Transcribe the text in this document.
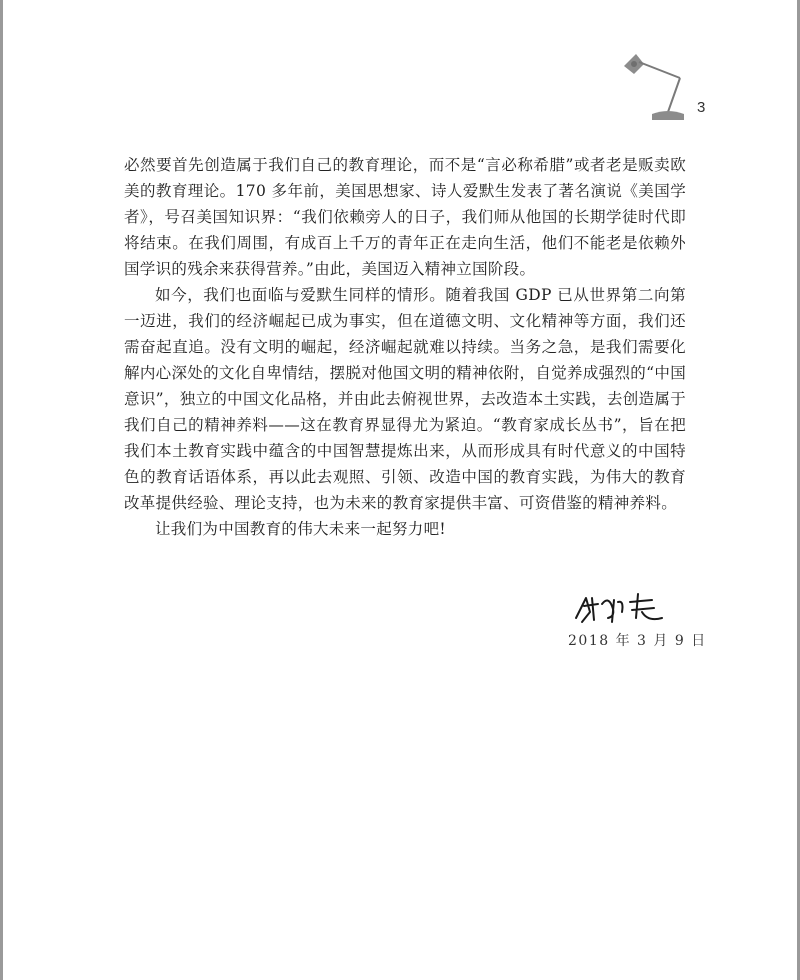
3

必然要首先创造属于我们自己的教育理论，而不是“言必称希腊”或者老是贩卖欧美的教育理论。170 多年前，美国思想家、诗人爱默生发表了著名演说《美国学者》，号召美国知识界：“我们依赖旁人的日子，我们师从他国的长期学徒时代即将结束。在我们周围，有成百上千万的青年正在走向生活，他们不能老是依赖外国学识的残余来获得营养。”由此，美国迈入精神立国阶段。

如今，我们也面临与爱默生同样的情形。随着我国 GDP 已从世界第二向第一迈进，我们的经济崛起已成为事实，但在道德文明、文化精神等方面，我们还需奋起直追。没有文明的崛起，经济崛起就难以持续。当务之急，是我们需要化解内心深处的文化自卑情结，摆脱对他国文明的精神依附，自觉养成强烈的“中国意识”，独立的中国文化品格，并由此去俯视世界，去改造本土实践，去创造属于我们自己的精神养料——这在教育界显得尤为紧迫。“教育家成长丛书”，旨在把我们本土教育实践中蕴含的中国智慧提炼出来，从而形成具有时代意义的中国特色的教育话语体系，再以此去观照、引领、改造中国的教育实践，为伟大的教育改革提供经验、理论支持，也为未来的教育家提供丰富、可资借鉴的精神养料。

让我们为中国教育的伟大未来一起努力吧!

2018 年 3 月 9 日
